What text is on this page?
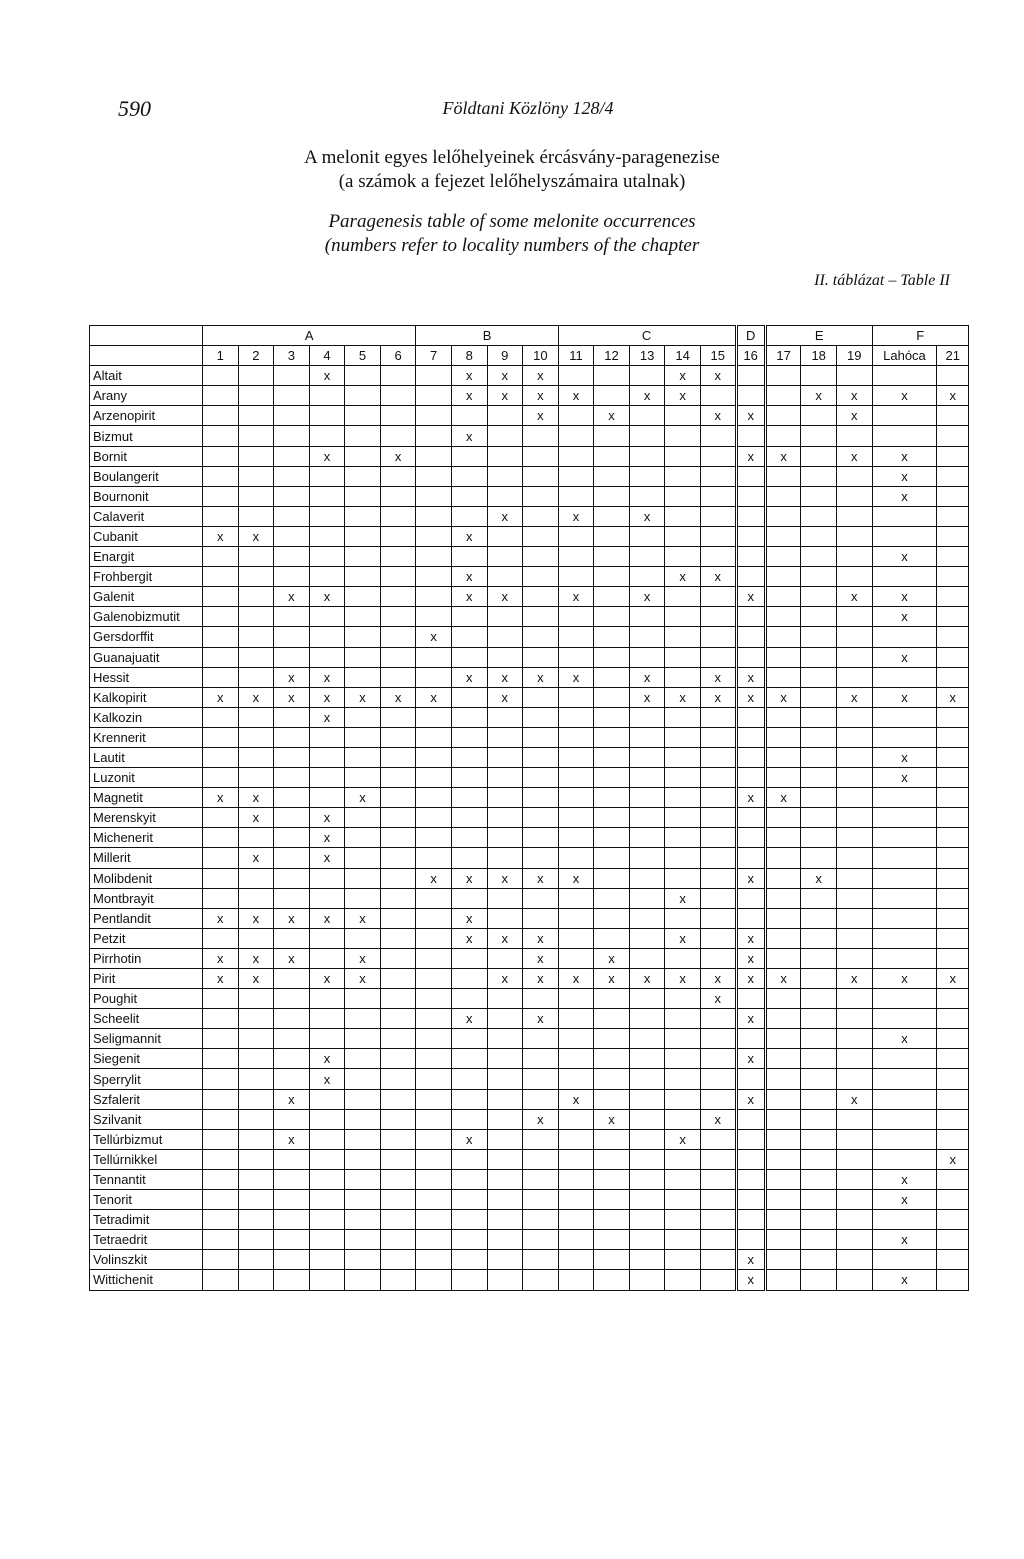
590	Földtani Közlöny 128/4
A melonit egyes lelőhelyeinek ércásvány-paragenezise
(a számok a fejezet lelőhelyszámaira utalnak)
Paragenesis table of some melonite occurrences
(numbers refer to locality numbers of the chapter
II. táblázat – Table II
	A						B				C					D	E			F	
	1	2	3	4	5	6	7	8	9	10	11	12	13	14	15	16	17	18	19	Lahóca	21
Altait				x				x	x	x				x	x						
Arany								x	x	x	x		x	x				x	x	x	x
Arzenopirit										x		x			x	x			x		
Bizmut								x													
Bornit				x		x										x	x		x	x	
Boulangerit																				x	
Bournonit																				x	
Calaverit									x		x		x								
Cubanit	x	x						x													
Enargit																				x	
Frohbergit								x						x	x						
Galenit			x	x				x	x		x		x			x			x	x	
Galenobizmutit																				x	
Gersdorffit							x														
Guanajuatit																				x	
Hessit			x	x				x	x	x	x		x		x	x					
Kalkopirit	x	x	x	x	x	x	x		x				x	x	x	x	x		x	x	x
Kalkozin				x																	
Krennerit																					
Lautit																				x	
Luzonit																				x	
Magnetit	x	x			x											x	x				
Merenskyit		x		x																	
Michenerit				x																	
Millerit		x		x																	
Molibdenit							x	x	x	x	x					x		x			
Montbrayit														x							
Pentlandit	x	x	x	x	x			x													
Petzit								x	x	x				x		x					
Pirrhotin	x	x	x		x					x		x				x					
Pirit	x	x		x	x				x	x	x	x	x	x	x	x	x		x	x	x
Poughit															x						
Scheelit								x		x						x					
Seligmannit																				x	
Siegenit				x												x					
Sperrylit				x																	
Szfalerit			x								x					x			x		
Szilvanit										x		x			x						
Tellúrbizmut			x					x						x							
Tellúrnikkel																					x
Tennantit																				x	
Tenorit																				x	
Tetradimit																					
Tetraedrit																				x	
Volinszkit																x					
Wittichenit																x				x	
